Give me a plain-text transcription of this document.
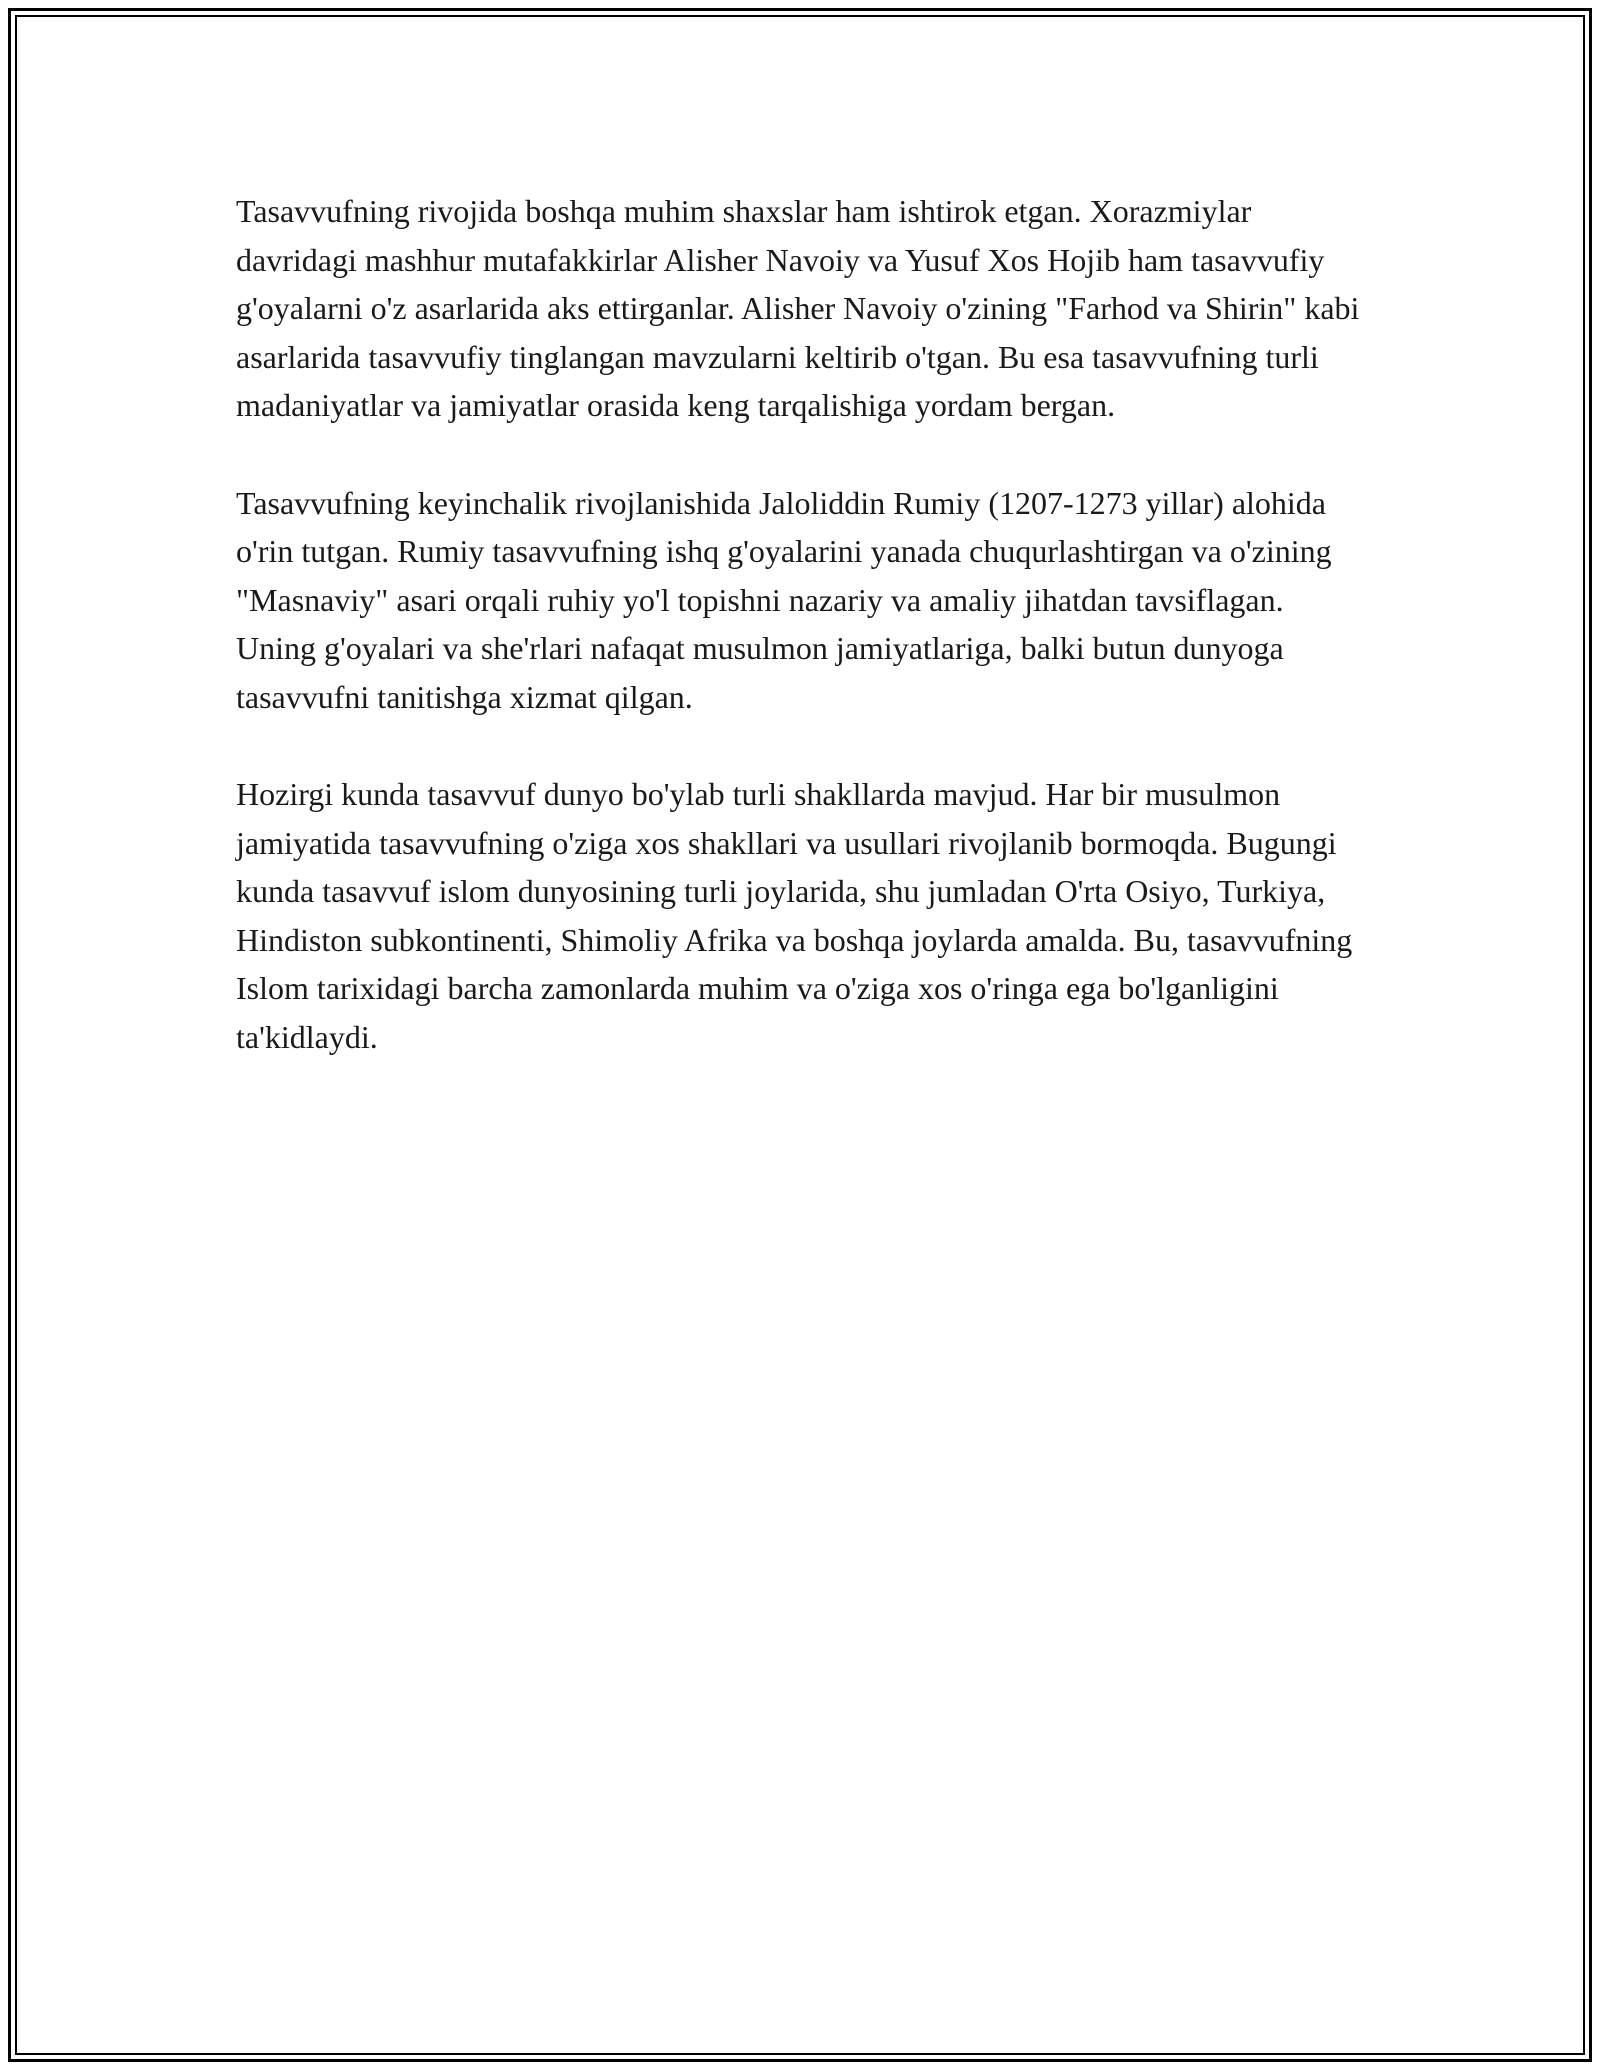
Tasavvufning rivojida boshqa muhim shaxslar ham ishtirok etgan. Xorazmiylar davridagi mashhur mutafakkirlar Alisher Navoiy va Yusuf Xos Hojib ham tasavvufiy g'oyalarni o'z asarlarida aks ettirganlar. Alisher Navoiy o'zining "Farhod va Shirin" kabi asarlarida tasavvufiy tinglangan mavzularni keltirib o'tgan. Bu esa tasavvufning turli madaniyatlar va jamiyatlar orasida keng tarqalishiga yordam bergan.

Tasavvufning keyinchalik rivojlanishida Jaloliddin Rumiy (1207-1273 yillar) alohida o'rin tutgan. Rumiy tasavvufning ishq g'oyalarini yanada chuqurlashtirgan va o'zining "Masnaviy" asari orqali ruhiy yo'l topishni nazariy va amaliy jihatdan tavsiflagan. Uning g'oyalari va she'rlari nafaqat musulmon jamiyatlariga, balki butun dunyoga tasavvufni tanitishga xizmat qilgan.

Hozirgi kunda tasavvuf dunyo bo'ylab turli shakllarda mavjud. Har bir musulmon jamiyatida tasavvufning o'ziga xos shakllari va usullari rivojlanib bormoqda. Bugungi kunda tasavvuf islom dunyosining turli joylarida, shu jumladan O'rta Osiyo, Turkiya, Hindiston subkontinenti, Shimoliy Afrika va boshqa joylarda amalda. Bu, tasavvufning Islom tarixidagi barcha zamonlarda muhim va o'ziga xos o'ringa ega bo'lganligini ta'kidlaydi.
